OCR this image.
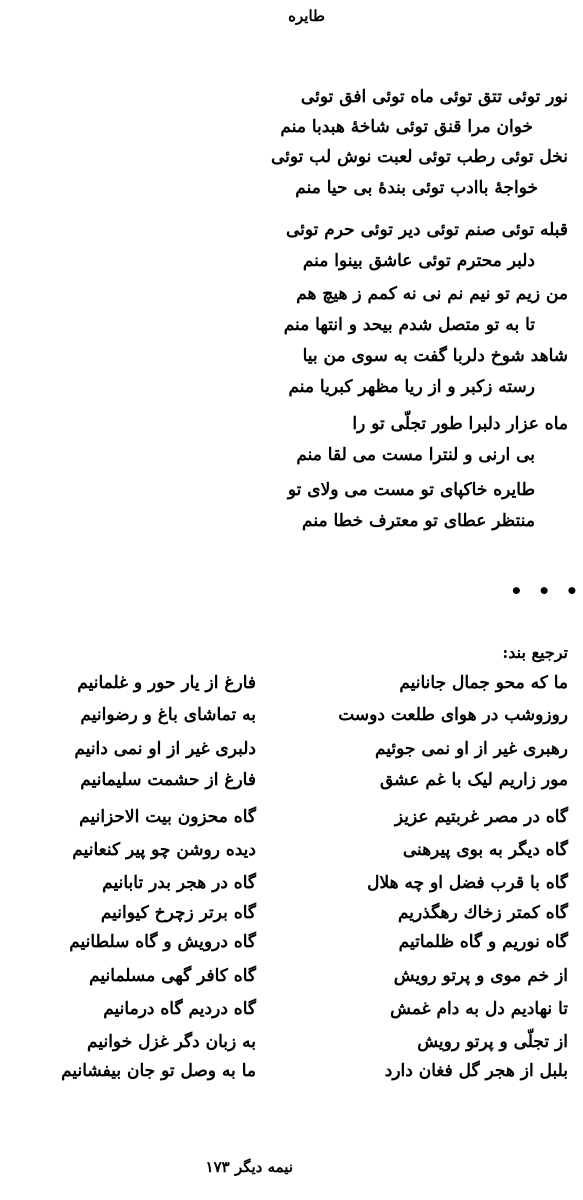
طایره
نور توئی تتق توئی ماه توئی افق توئی
خوان مرا قنق توئی شاخهٔ هبدبا منم
نخل توئی رطب توئی لعبت نوش لب توئی
خواجهٔ باادب توئی بندهٔ بی حیا منم
قبله توئی صنم توئی دیر توئی حرم توئی
دلبر محترم توئی عاشق بینوا منم
من زیم تو نیم نم نی نه کمم ز هیچ هم
تا به تو متصل شدم بیحد و انتها منم
شاهد شوخ دلربا گفت به سوی من بیا
رسته زکبر و از ریا مظهر کبریا منم
ماه عزار دلبرا طور تجلّی تو را
بی ارنی و لنترا مست می لقا منم
طایره خاکپای تو مست می ولای تو
منتظر عطای تو معترف خطا منم
• • •
ترجیع بند:
ما که محو جمال جانانیم
روزوشب در هوای طلعت دوست
رهبری غیر از او نمی جوئیم
مور زاریم لیک با غم عشق
گاه در مصر غربتیم عزیز
گاه دیگر به بوی پیرهنی
گاه با قرب فضل او چه هلال
گاه کمتر زخاك رهگذریم
گاه نوریم و گاه ظلماتیم
از خم موی و پرتو رویش
تا نهادیم دل به دام غمش
از تجلّی و پرتو رویش
بلبل از هجر گل فغان دارد
فارغ از یار حور و غلمانیم
به تماشای باغ و رضوانیم
دلبری غیر از او نمی دانیم
فارغ از حشمت سلیمانیم
گاه محزون بیت الاحزانیم
دیده روشن چو پیر کنعانیم
گاه در هجر بدر تابانیم
گاه برتر زچرخ کیوانیم
گاه درویش و گاه سلطانیم
گاه کافر گهی مسلمانیم
گاه دردیم گاه درمانیم
به زبان دگر غزل خوانیم
ما به وصل تو جان بیفشانیم
نیمه دیگر ۱۷۳
